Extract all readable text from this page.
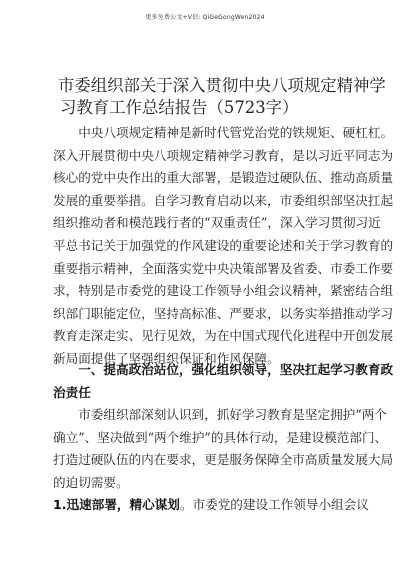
更多免费公文+V信: QiGeGongWen2024
市委组织部关于深入贯彻中央八项规定精神学
习教育工作总结报告（5723字）
　　中央八项规定精神是新时代管党治党的铁规矩、硬杠杠。
深入开展贯彻中央八项规定精神学习教育，是以习近平同志为
核心的党中央作出的重大部署，是锻造过硬队伍、推动高质量
发展的重要举措。自学习教育启动以来，市委组织部坚决扛起
组织推动者和模范践行者的“双重责任”，深入学习贯彻习近
平总书记关于加强党的作风建设的重要论述和关于学习教育的
重要指示精神，全面落实党中央决策部署及省委、市委工作要
求，特别是市委党的建设工作领导小组会议精神，紧密结合组
织部门职能定位，坚持高标准、严要求，以务实举措推动学习
教育走深走实、见行见效，为在中国式现代化进程中开创发展
新局面提供了坚强组织保证和作风保障。
　　一、提高政治站位，强化组织领导，坚决扛起学习教育政
治责任
　　市委组织部深刻认识到，抓好学习教育是坚定拥护“两个
确立”、坚决做到“两个维护”的具体行动，是建设模范部门、
打造过硬队伍的内在要求，更是服务保障全市高质量发展大局
的迫切需要。
1.迅速部署，精心谋划。市委党的建设工作领导小组会议
